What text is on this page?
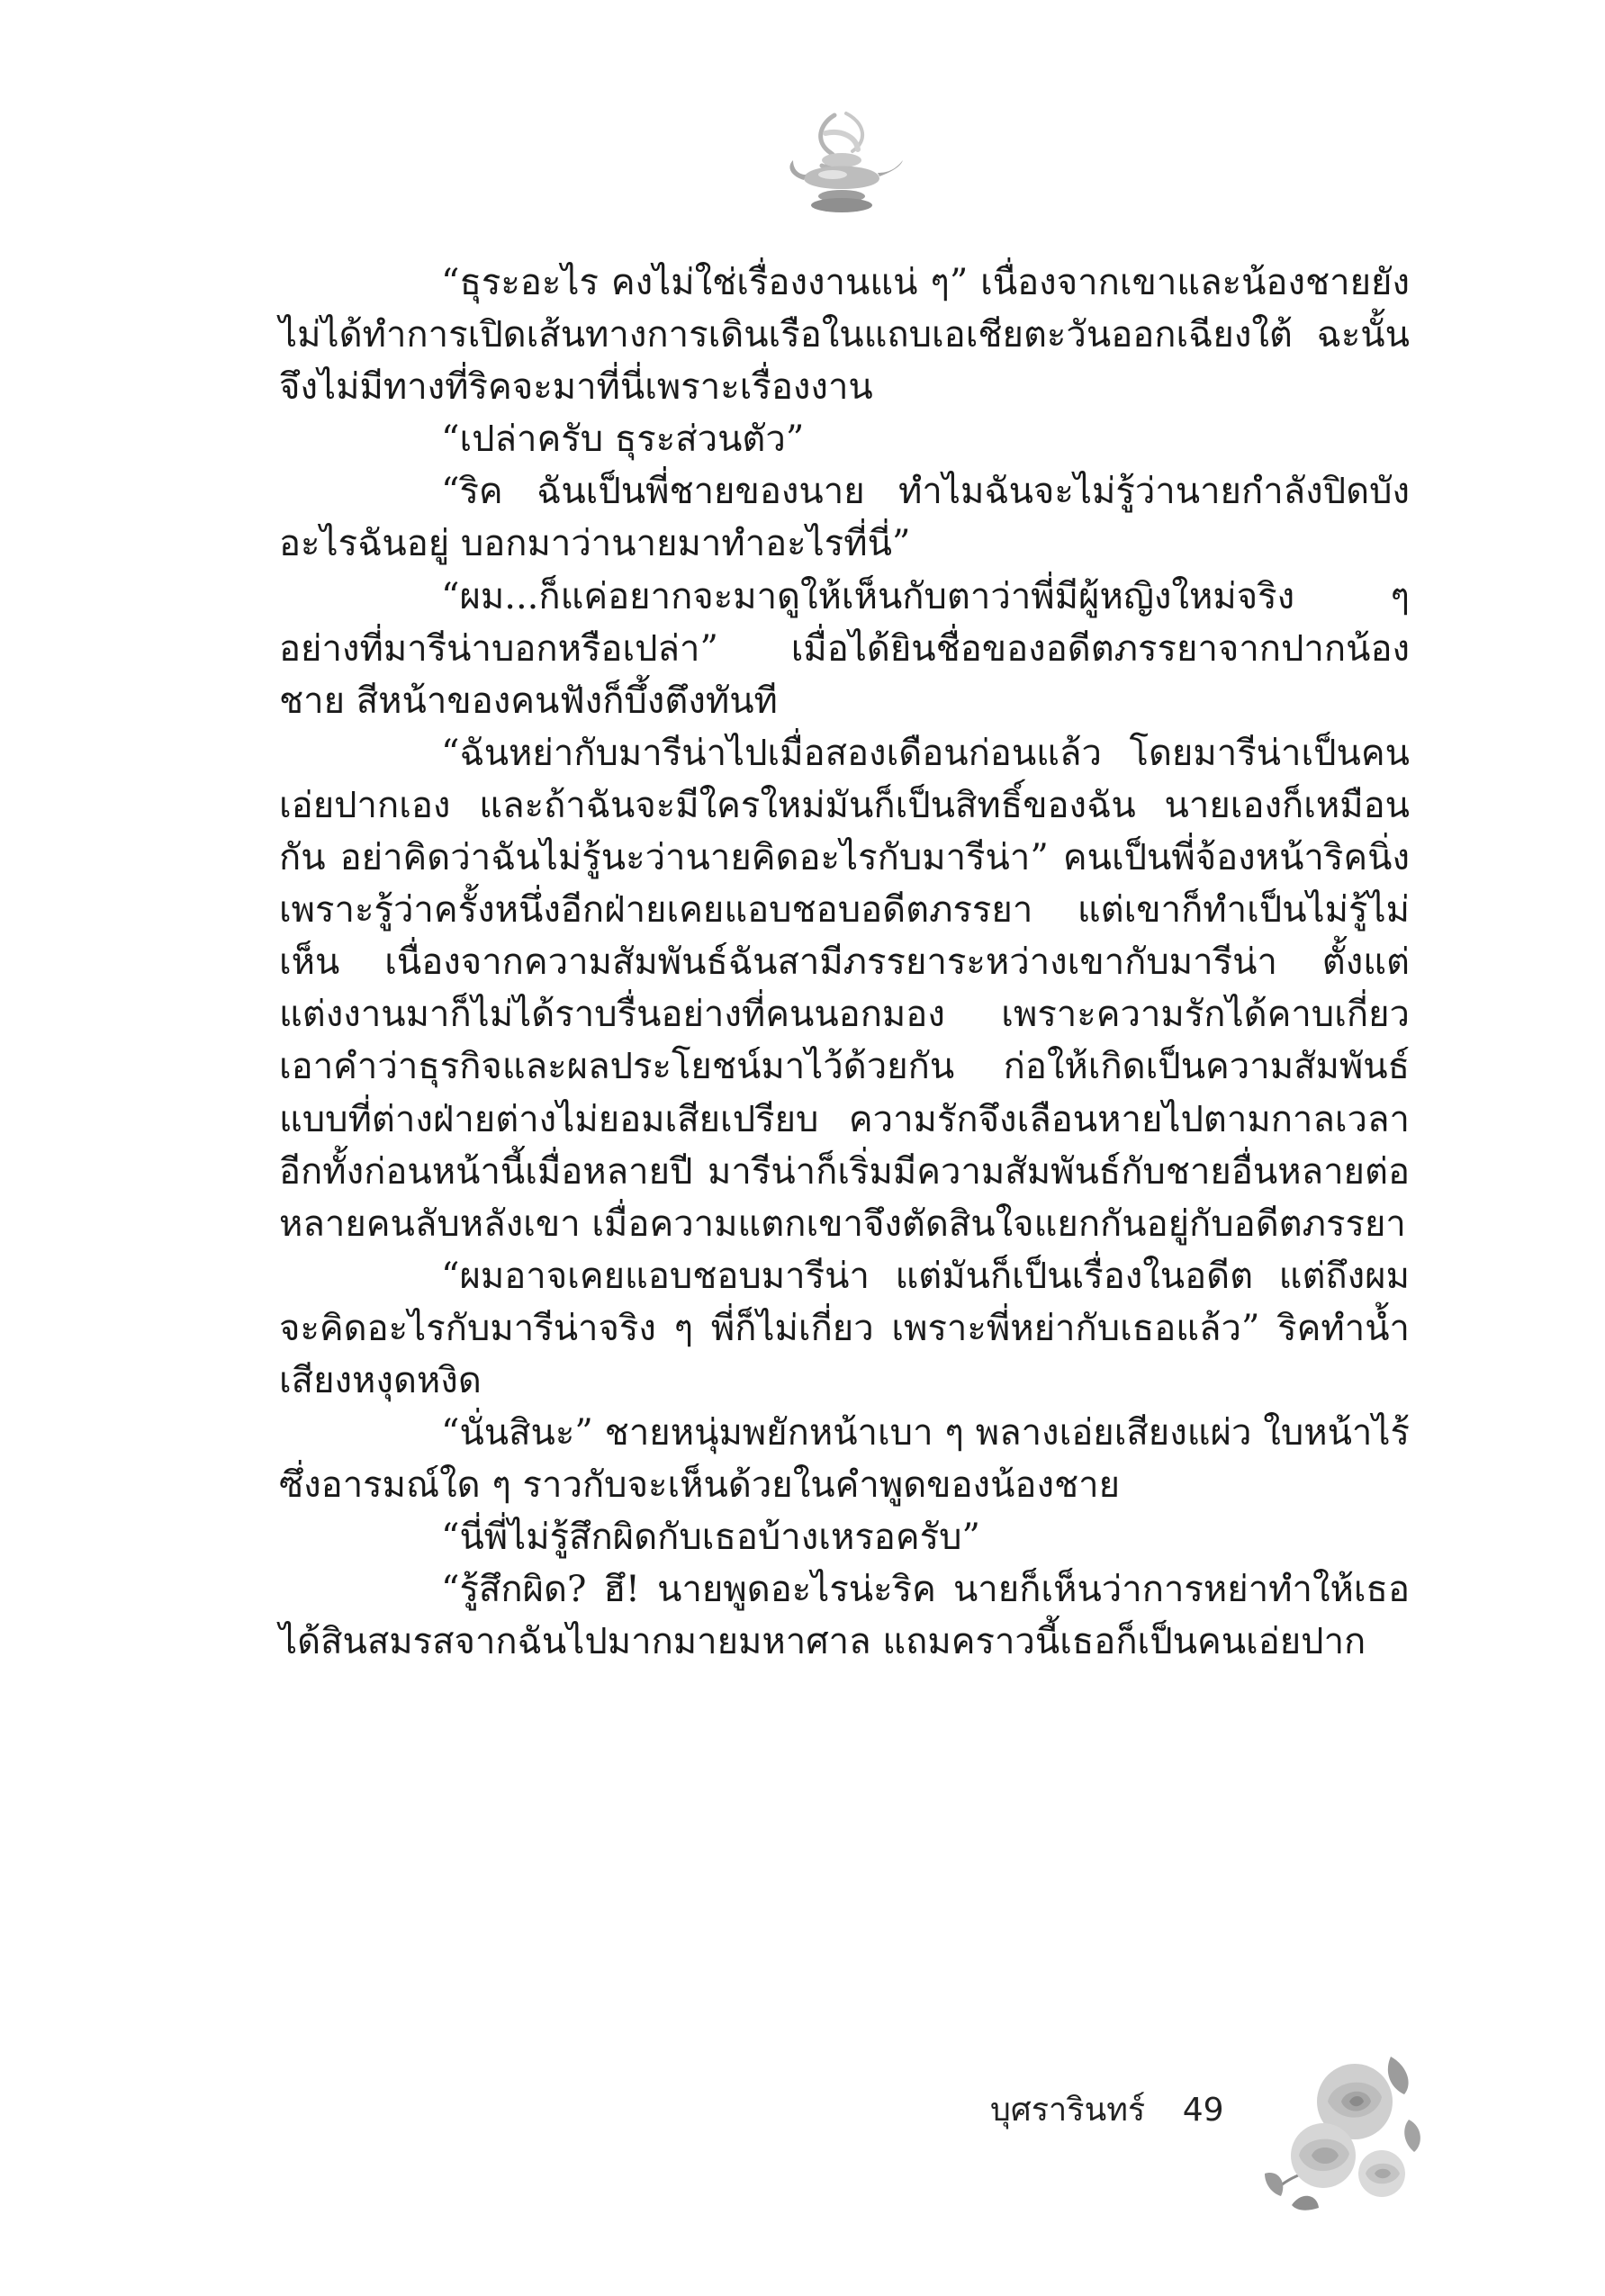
“ธุระอะไร คงไม่ใช่เรื่องงานแน่ ๆ” เนื่องจากเขาและน้องชายยังไม่ได้ทำการเปิดเส้นทางการเดินเรือในแถบเอเชียตะวันออกเฉียงใต้ ฉะนั้นจึงไม่มีทางที่ริคจะมาที่นี่เพราะเรื่องงาน

“เปล่าครับ ธุระส่วนตัว”

“ริค ฉันเป็นพี่ชายของนาย ทำไมฉันจะไม่รู้ว่านายกำลังปิดบังอะไรฉันอยู่ บอกมาว่านายมาทำอะไรที่นี่”

“ผม...ก็แค่อยากจะมาดูให้เห็นกับตาว่าพี่มีผู้หญิงใหม่จริง ๆ อย่างที่มารีน่าบอกหรือเปล่า” เมื่อได้ยินชื่อของอดีตภรรยาจากปากน้องชาย สีหน้าของคนฟังก็บึ้งตึงทันที

“ฉันหย่ากับมารีน่าไปเมื่อสองเดือนก่อนแล้ว โดยมารีน่าเป็นคนเอ่ยปากเอง และถ้าฉันจะมีใครใหม่มันก็เป็นสิทธิ์ของฉัน นายเองก็เหมือนกัน อย่าคิดว่าฉันไม่รู้นะว่านายคิดอะไรกับมารีน่า” คนเป็นพี่จ้องหน้าริคนิ่ง เพราะรู้ว่าครั้งหนึ่งอีกฝ่ายเคยแอบชอบอดีตภรรยา แต่เขาก็ทำเป็นไม่รู้ไม่เห็น เนื่องจากความสัมพันธ์ฉันสามีภรรยาระหว่างเขากับมารีน่า ตั้งแต่แต่งงานมาก็ไม่ได้ราบรื่นอย่างที่คนนอกมอง เพราะความรักได้คาบเกี่ยวเอาคำว่าธุรกิจและผลประโยชน์มาไว้ด้วยกัน ก่อให้เกิดเป็นความสัมพันธ์แบบที่ต่างฝ่ายต่างไม่ยอมเสียเปรียบ ความรักจึงเลือนหายไปตามกาลเวลา อีกทั้งก่อนหน้านี้เมื่อหลายปี มารีน่าก็เริ่มมีความสัมพันธ์กับชายอื่นหลายต่อหลายคนลับหลังเขา เมื่อความแตกเขาจึงตัดสินใจแยกกันอยู่กับอดีตภรรยา

“ผมอาจเคยแอบชอบมารีน่า แต่มันก็เป็นเรื่องในอดีต แต่ถึงผมจะคิดอะไรกับมารีน่าจริง ๆ พี่ก็ไม่เกี่ยว เพราะพี่หย่ากับเธอแล้ว” ริคทำน้ำเสียงหงุดหงิด

“นั่นสินะ” ชายหนุ่มพยักหน้าเบา ๆ พลางเอ่ยเสียงแผ่ว ใบหน้าไร้ซึ่งอารมณ์ใด ๆ ราวกับจะเห็นด้วยในคำพูดของน้องชาย

“นี่พี่ไม่รู้สึกผิดกับเธอบ้างเหรอครับ”

“รู้สึกผิด? ฮึ! นายพูดอะไรน่ะริค นายก็เห็นว่าการหย่าทำให้เธอได้สินสมรสจากฉันไปมากมายมหาศาล แถมคราวนี้เธอก็เป็นคนเอ่ยปาก

บุศรารินทร์ 49
